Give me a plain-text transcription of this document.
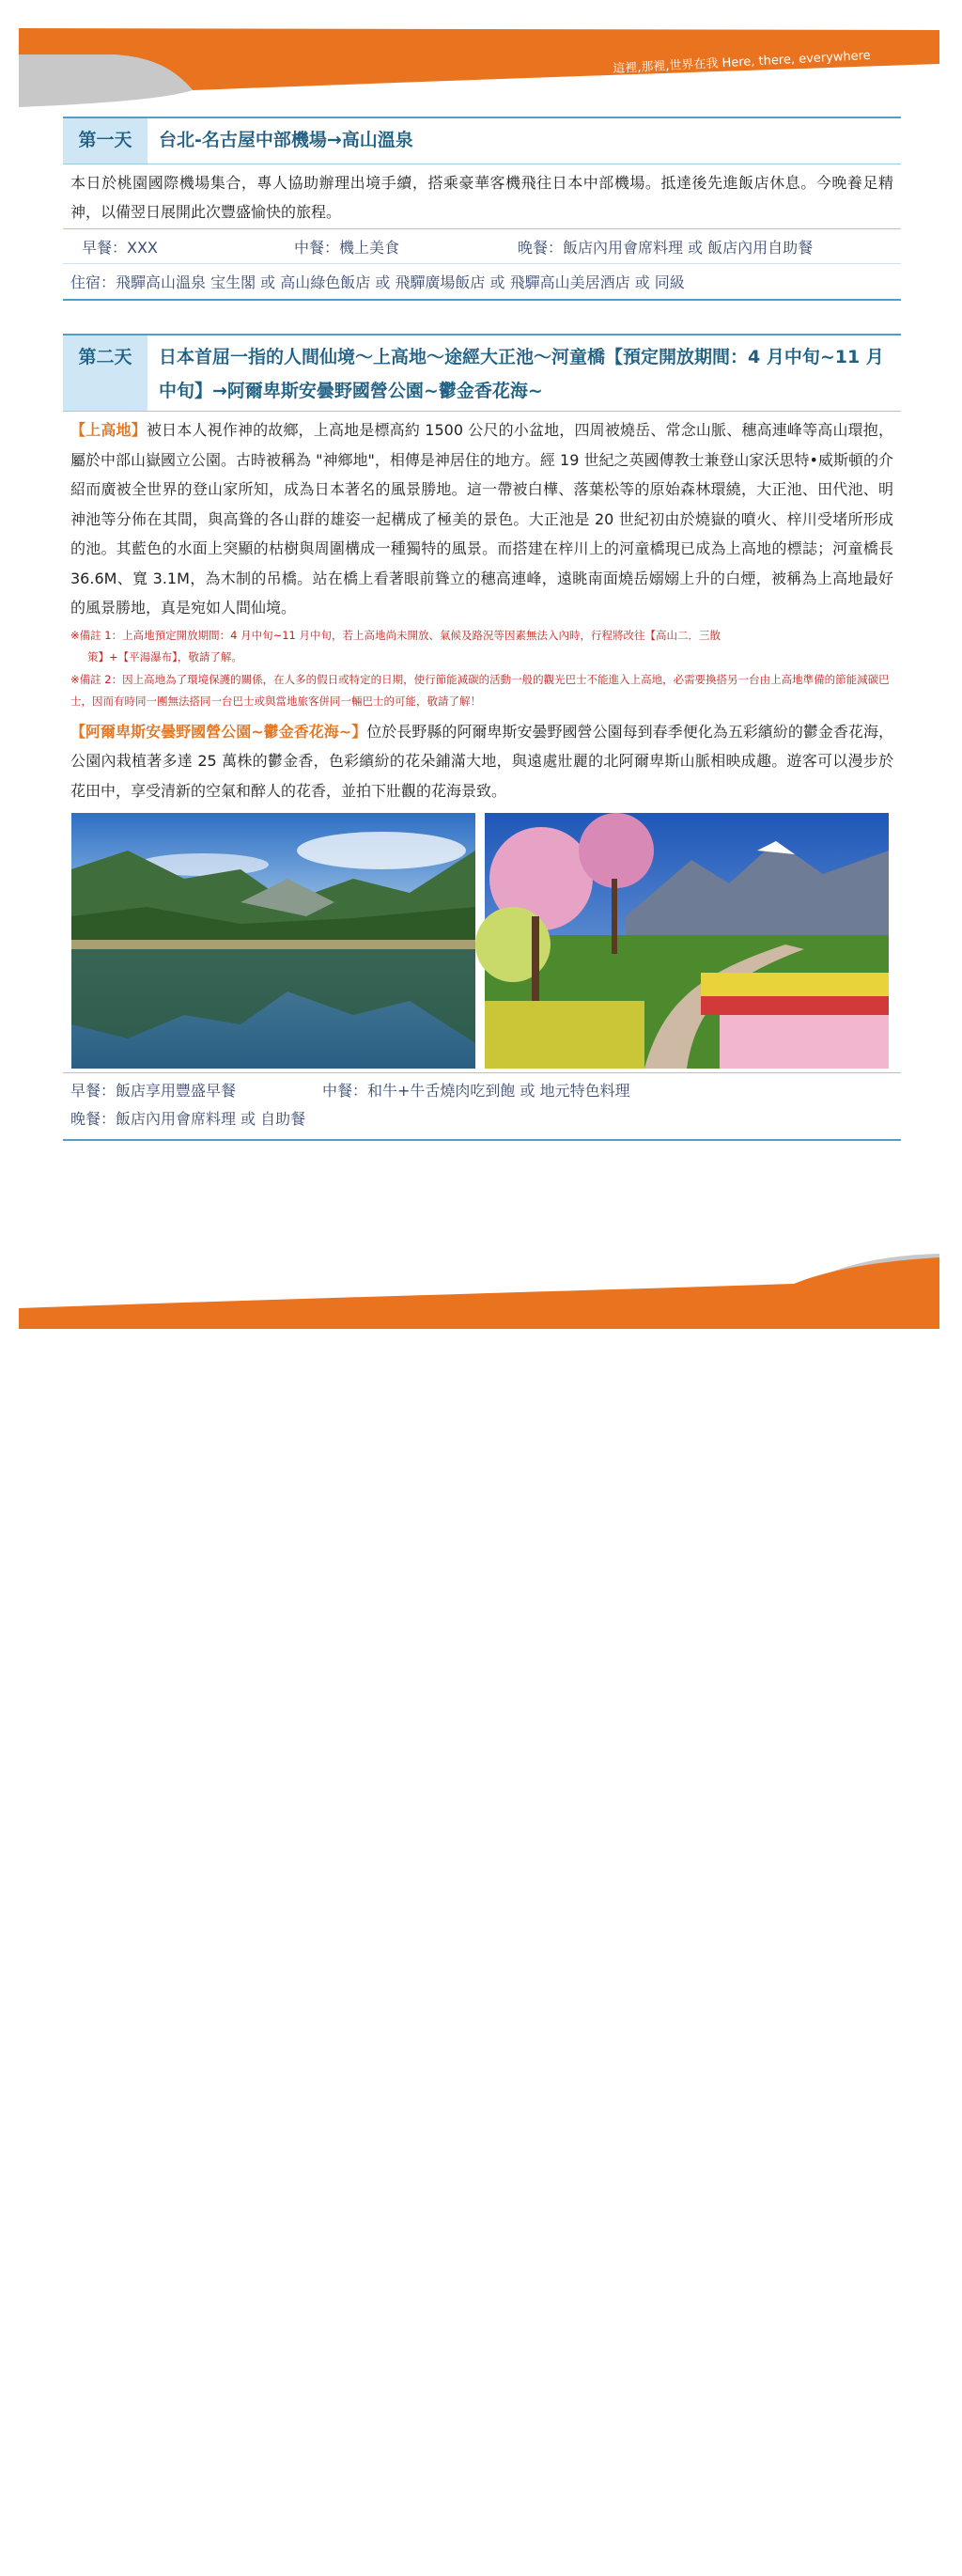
這裡,那裡,世界在我 Here, there, everywhere
第一天	台北-名古屋中部機場→高山溫泉
本日於桃園國際機場集合，專人協助辦理出境手續，搭乘豪華客機飛往日本中部機場。抵達後先進飯店休息。今晚養足精神，以備翌日展開此次豐盛愉快的旅程。
早餐：XXX	中餐：機上美食	晚餐：飯店內用會席料理 或 飯店內用自助餐
住宿：飛驒高山溫泉 宝生閣 或 高山綠色飯店 或 飛驒廣場飯店 或 飛驒高山美居酒店 或 同級
第二天	日本首屈一指的人間仙境～上高地～途經大正池～河童橋【預定開放期間：4 月中旬~11 月中旬】→阿爾卑斯安曇野國營公園~鬱金香花海~
【上高地】被日本人視作神的故鄉，上高地是標高約 1500 公尺的小盆地，四周被燒岳、常念山脈、穗高連峰等高山環抱，屬於中部山嶽國立公園。古時被稱為 "神鄉地"，相傳是神居住的地方。經 19 世紀之英國傳教士兼登山家沃思特•威斯頓的介紹而廣被全世界的登山家所知，成為日本著名的風景勝地。這一帶被白樺、落葉松等的原始森林環繞，大正池、田代池、明神池等分佈在其間，與高聳的各山群的雄姿一起構成了極美的景色。大正池是 20 世紀初由於燒嶽的噴火、梓川受堵所形成的池。其藍色的水面上突顯的枯樹與周圍構成一種獨特的風景。而搭建在梓川上的河童橋現已成為上高地的標誌；河童橋長 36.6M、寬 3.1M，為木制的吊橋。站在橋上看著眼前聳立的穗高連峰，遠眺南面燒岳嫋嫋上升的白煙，被稱為上高地最好的風景勝地，真是宛如人間仙境。
※備註 1：上高地預定開放期間：4 月中旬~11 月中旬，若上高地尚未開放、氣候及路況等因素無法入內時，行程將改往【高山二．三散
策】+【平湯瀑布】，敬請了解。
※備註 2：因上高地為了環境保護的關係，在人多的假日或特定的日期，使行節能減碳的活動一般的觀光巴士不能進入上高地，必需要換搭另一台由上高地準備的節能減碳巴士，因而有時同一團無法搭同一台巴士或與當地旅客併同一輛巴士的可能，敬請了解！
【阿爾卑斯安曇野國營公園~鬱金香花海~】位於長野縣的阿爾卑斯安曇野國營公園每到春季便化為五彩繽紛的鬱金香花海，公園內栽植著多達 25 萬株的鬱金香，色彩繽紛的花朵鋪滿大地，與遠處壯麗的北阿爾卑斯山脈相映成趣。遊客可以漫步於花田中，享受清新的空氣和醉人的花香，並拍下壯觀的花海景致。
早餐：飯店享用豐盛早餐	中餐：和牛+牛舌燒肉吃到飽 或 地元特色料理
晚餐：飯店內用會席料理 或 自助餐
這裡,那裡,世界在我 Here, there, everywhere
